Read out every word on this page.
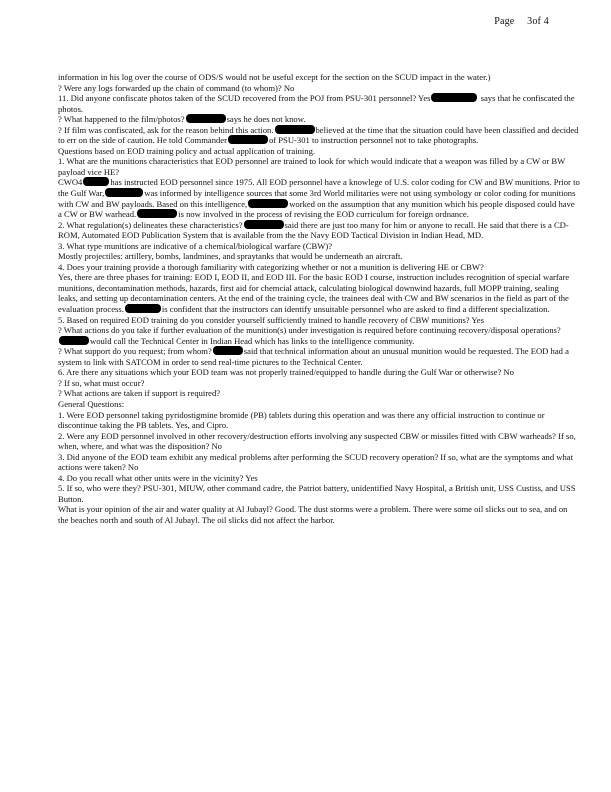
Page 3of 4
information in his log over the course of ODS/S would not be useful except for the section on the SCUD impact in the water.)
? Were any logs forwarded up the chain of command (to whom)? No
11. Did anyone confiscate photos taken of the SCUD recovered from the POJ from PSU-301 personnel? Yes	says that he confiscated the photos.
? What happened to the film/photos?	says he does not know.
? If film was confiscated, ask for the reason behind this action.	believed at the time that the situation could have been classified and decided to err on the side of caution. He told Commander	of PSU-301 to instruction personnel not to take photographs.
Questions based on EOD training policy and actual application of training.
1. What are the munitions characteristics that EOD personnel are trained to look for which would indicate that a weapon was filled by a CW or BW payload vice HE?
CWO4	has instructed EOD personnel since 1975. All EOD personnel have a knowlege of U.S. color coding for CW and BW munitions. Prior to the Gulf War,	was informed by intelligence sources that some 3rd World militaries were not using symbology or color coding for munitions with CW and BW payloads. Based on this intelligence,	worked on the assumption that any munition which his people disposed could have a CW or BW warhead.	is now involved in the process of revising the EOD curriculum for foreign ordnance.
2. What regulation(s) delineates these characteristics?	said there are just too many for him or anyone to recall. He said that there is a CD-ROM, Automated EOD Publication System that is available from the the Navy EOD Tactical Division in Indian Head, MD.
3. What type munitions are indicative of a chemical/biological warfare (CBW)?
Mostly projectiles: artillery, bombs, landmines, and spraytanks that would be underneath an aircraft.
4. Does your training provide a thorough familiarity with categorizing whether or not a munition is delivering HE or CBW?
Yes, there are three phases for training: EOD I, EOD II, and EOD III. For the basic EOD I course, instruction includes recognition of special warfare munitions, decontamination methods, hazards, first aid for chemcial attack, calculating biological downwind hazards, full MOPP training, sealing leaks, and setting up decontamination centers. At the end of the training cycle, the trainees deal with CW and BW scenarios in the field as part of the evaluation process.	is confident that the instructors can identify unsuitable personnel who are asked to find a different specialization.
5. Based on required EOD training do you consider yourself sufficiently trained to handle recovery of CBW munitions? Yes
? What actions do you take if further evaluation of the munition(s) under investigation is required before continuing recovery/disposal operations?would call the Technical Center in Indian Head which has links to the intelligence community.
? What support do you request; from whom?	said that technical information about an unusual munition would be requested. The EOD had a system to link with SATCOM in order to send real-time pictures to the Technical Center.
6. Are there any situations which your EOD team was not properly trained/equipped to handle during the Gulf War or otherwise? No
? If so, what must occur?
? What actions are taken if support is required?
General Questions:
1. Were EOD personnel taking pyridostigmine bromide (PB) tablets during this operation and was there any official instruction to continue or discontinue taking the PB tablets. Yes, and Cipro.
2. Were any EOD personnel involved in other recovery/destruction efforts involving any suspected CBW or missiles fitted with CBW warheads? If so, when, where, and what was the disposition? No
3. Did anyone of the EOD team exhibit any medical problems after performing the SCUD recovery operation? If so, what are the symptoms and what actions were taken? No
4. Do you recall what other units were in the vicinity? Yes
5. If so, who were they? PSU-301, MIUW, other command cadre, the Patriot battery, unidentified Navy Hospital, a British unit, USS Custiss, and USS Button.
What is your opinion of the air and water quality at Al Jubayl? Good. The dust storms were a problem. There were some oil slicks out to sea, and on the beaches north and south of Al Jubayl. The oil slicks did not affect the harbor.
